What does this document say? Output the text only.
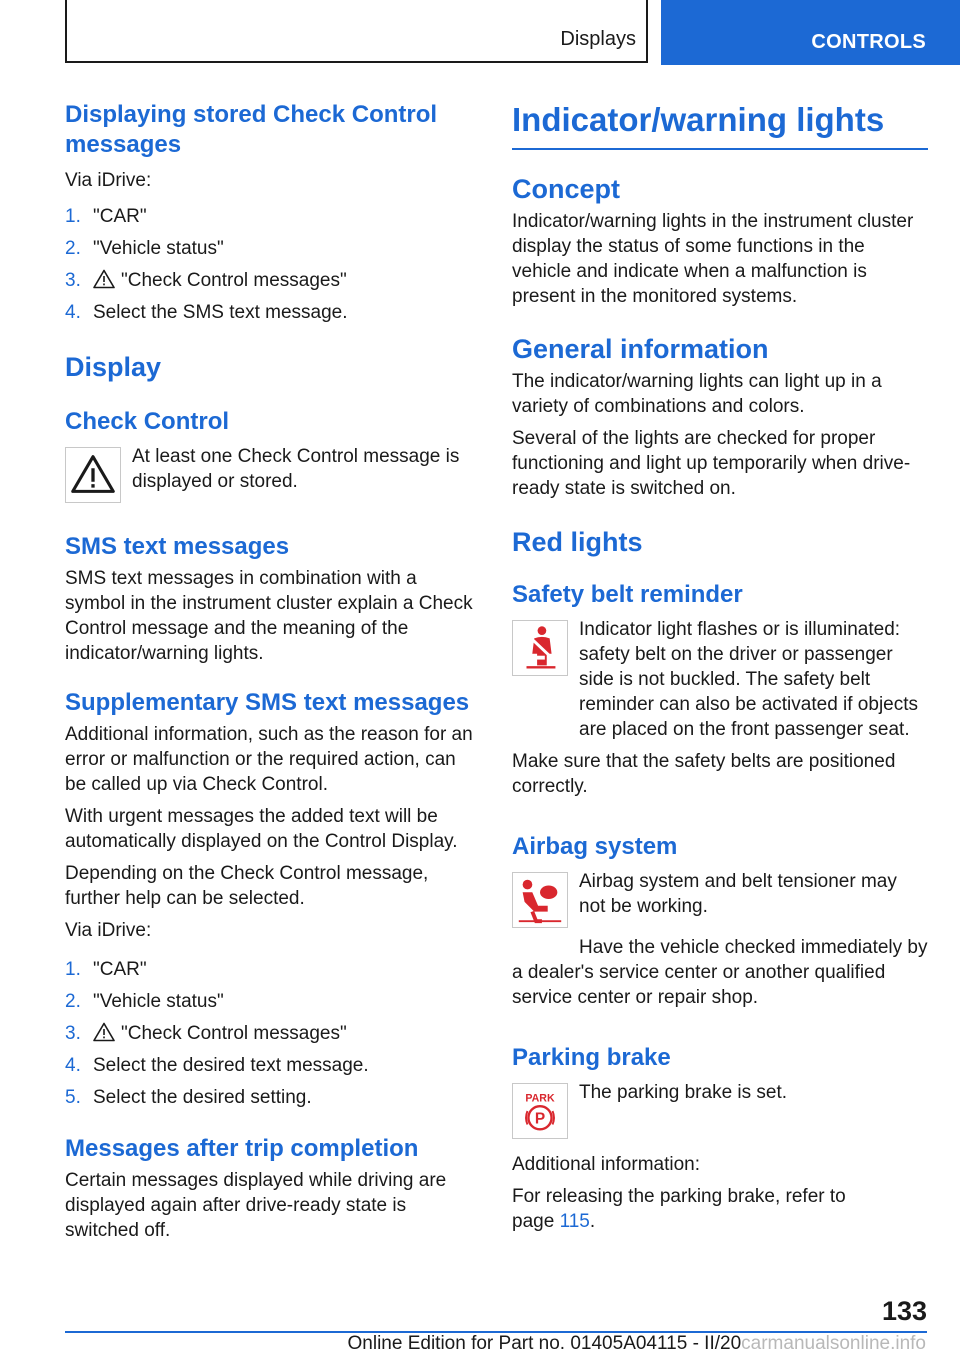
Displays	CONTROLS
Displaying stored Check Control messages

Via iDrive:

1. "CAR"
2. "Vehicle status"
3. "Check Control messages"
4. Select the SMS text message.
Display
Check Control

At least one Check Control message is displayed or stored.

SMS text messages

SMS text messages in combination with a symbol in the instrument cluster explain a Check Control message and the meaning of the indicator/warning lights.

Supplementary SMS text messages

Additional information, such as the reason for an error or malfunction or the required action, can be called up via Check Control.

With urgent messages the added text will be automatically displayed on the Control Display.

Depending on the Check Control message, further help can be selected.

Via iDrive:

1. "CAR"
2. "Vehicle status"
3. "Check Control messages"
4. Select the desired text message.
5. Select the desired setting.
Messages after trip completion

Certain messages displayed while driving are displayed again after drive-ready state is switched off.

Indicator/warning lights
Concept

Indicator/warning lights in the instrument cluster display the status of some functions in the vehicle and indicate when a malfunction is present in the monitored systems.

General information

The indicator/warning lights can light up in a variety of combinations and colors.

Several of the lights are checked for proper functioning and light up temporarily when drive-ready state is switched on.

Red lights
Safety belt reminder

Indicator light flashes or is illuminated: safety belt on the driver or passenger side is not buckled. The safety belt reminder can also be activated if objects are placed on the front passenger seat.

Make sure that the safety belts are positioned correctly.

Airbag system

Airbag system and belt tensioner may not be working.

Have the vehicle checked immediately by a dealer's service center or another qualified service center or repair shop.

Parking brake
PARK
P

The parking brake is set.

Additional information:

For releasing the parking brake, refer to page 115.

133
Online Edition for Part no. 01405A04115 - II/20carmanualsonline.info
